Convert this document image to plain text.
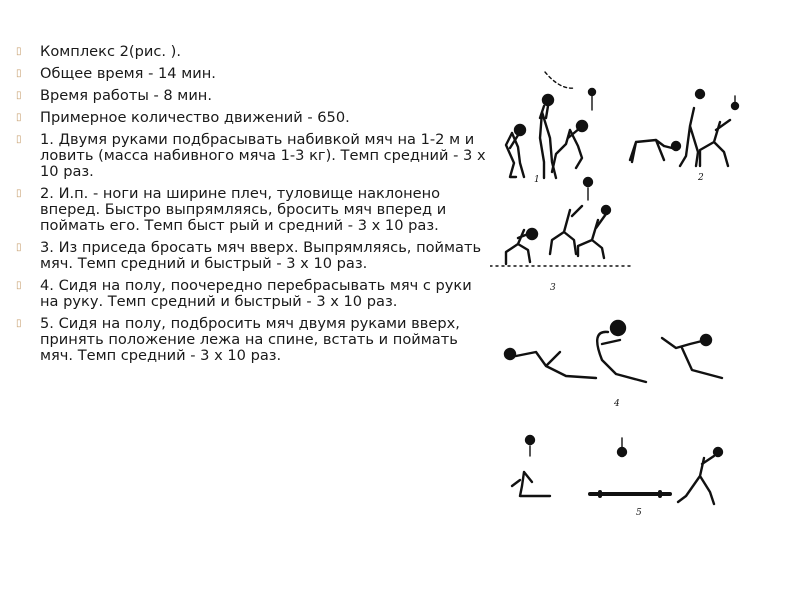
▯ Комплекс 2(рис. ).
▯ Общее время - 14 мин.
▯ Время работы - 8 мин.
▯ Примерное количество движений - 650.
▯ 1. Двумя руками подбрасывать набивкой мяч на 1-2 м и ловить (масса набивного мяча 1-3 кг). Темп средний - 3 х 10 раз.
▯ 2. И.п. - ноги на ширине плеч, туловище наклонено вперед. Быстро выпрямляясь, бросить мяч вперед и поймать его. Темп быст рый и средний - 3 х 10 раз.
▯ 3. Из приседа бросать мяч вверх. Выпрямляясь, поймать мяч. Темп средний и быстрый - 3 х 10 раз.
▯ 4. Сидя на полу, поочередно перебрасывать мяч с руки на руку. Темп средний и быстрый - 3 х 10 раз.
▯ 5. Сидя на полу, подбросить мяч двумя руками вверх, принять положение лежа на спине, встать и поймать мяч. Темп средний - 3 х 10 раз.
1	2
3
4
5
